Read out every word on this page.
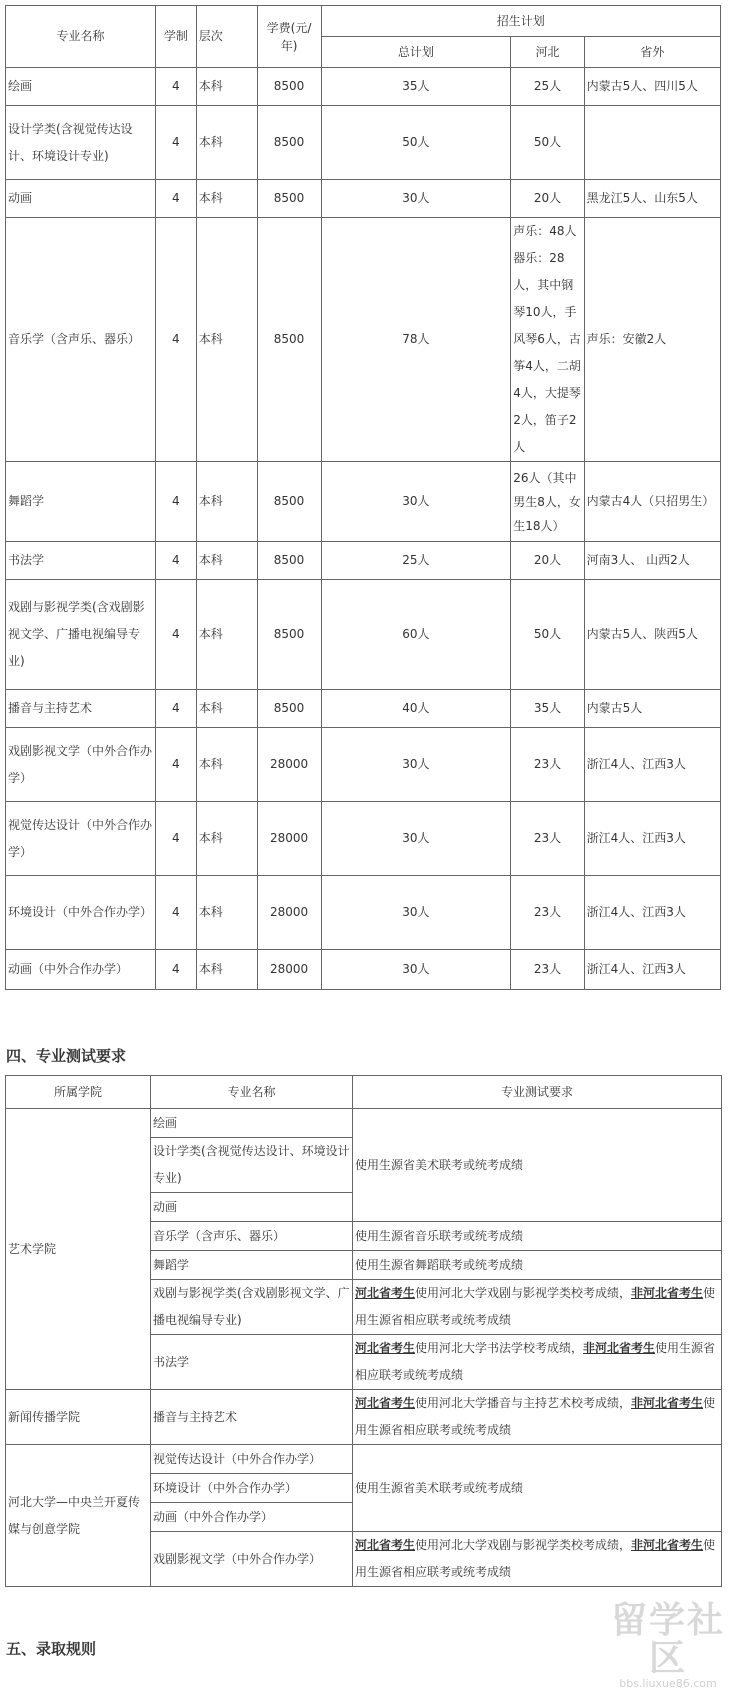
专业名称	学制	层次	学费(元/年)	招生计划		
				总计划	河北	省外
绘画	4	本科	8500	35人	25人	内蒙古5人、四川5人
设计学类(含视觉传达设计、环境设计专业)	4	本科	8500	50人	50人	
动画	4	本科	8500	30人	20人	黑龙江5人、山东5人
音乐学（含声乐、器乐）	4	本科	8500	78人	声乐：48人器乐：28人，其中钢琴10人，手风琴6人，古筝4人，二胡4人，大提琴2人，笛子2人	声乐：安徽2人
舞蹈学	4	本科	8500	30人	26人（其中男生8人，女生18人）	内蒙古4人（只招男生）
书法学	4	本科	8500	25人	20人	河南3人、 山西2人
戏剧与影视学类(含戏剧影视文学、广播电视编导专业)	4	本科	8500	60人	50人	内蒙古5人、陕西5人
播音与主持艺术	4	本科	8500	40人	35人	内蒙古5人
戏剧影视文学（中外合作办学）	4	本科	28000	30人	23人	浙江4人、江西3人
视觉传达设计（中外合作办学）	4	本科	28000	30人	23人	浙江4人、江西3人
环境设计（中外合作办学）	4	本科	28000	30人	23人	浙江4人、江西3人
动画（中外合作办学）	4	本科	28000	30人	23人	浙江4人、江西3人
四、专业测试要求
所属学院	专业名称	专业测试要求
艺术学院	绘画	使用生源省美术联考或统考成绩
	设计学类(含视觉传达设计、环境设计专业)	
	动画	
	音乐学（含声乐、器乐）	使用生源省音乐联考或统考成绩
	舞蹈学	使用生源省舞蹈联考或统考成绩
	戏剧与影视学类(含戏剧影视文学、广播电视编导专业)	河北省考生使用河北大学戏剧与影视学类校考成绩，非河北省考生使用生源省相应联考或统考成绩
	书法学	河北省考生使用河北大学书法学校考成绩，非河北省考生使用生源省相应联考或统考成绩
新闻传播学院	播音与主持艺术	河北省考生使用河北大学播音与主持艺术校考成绩，非河北省考生使用生源省相应联考或统考成绩
河北大学—中央兰开夏传媒与创意学院	视觉传达设计（中外合作办学）	使用生源省美术联考或统考成绩
	环境设计（中外合作办学）	
	动画（中外合作办学）	
	戏剧影视文学（中外合作办学）	河北省考生使用河北大学戏剧与影视学类校考成绩，非河北省考生使用生源省相应联考或统考成绩
五、录取规则
留学社区
bbs.liuxue86.com
